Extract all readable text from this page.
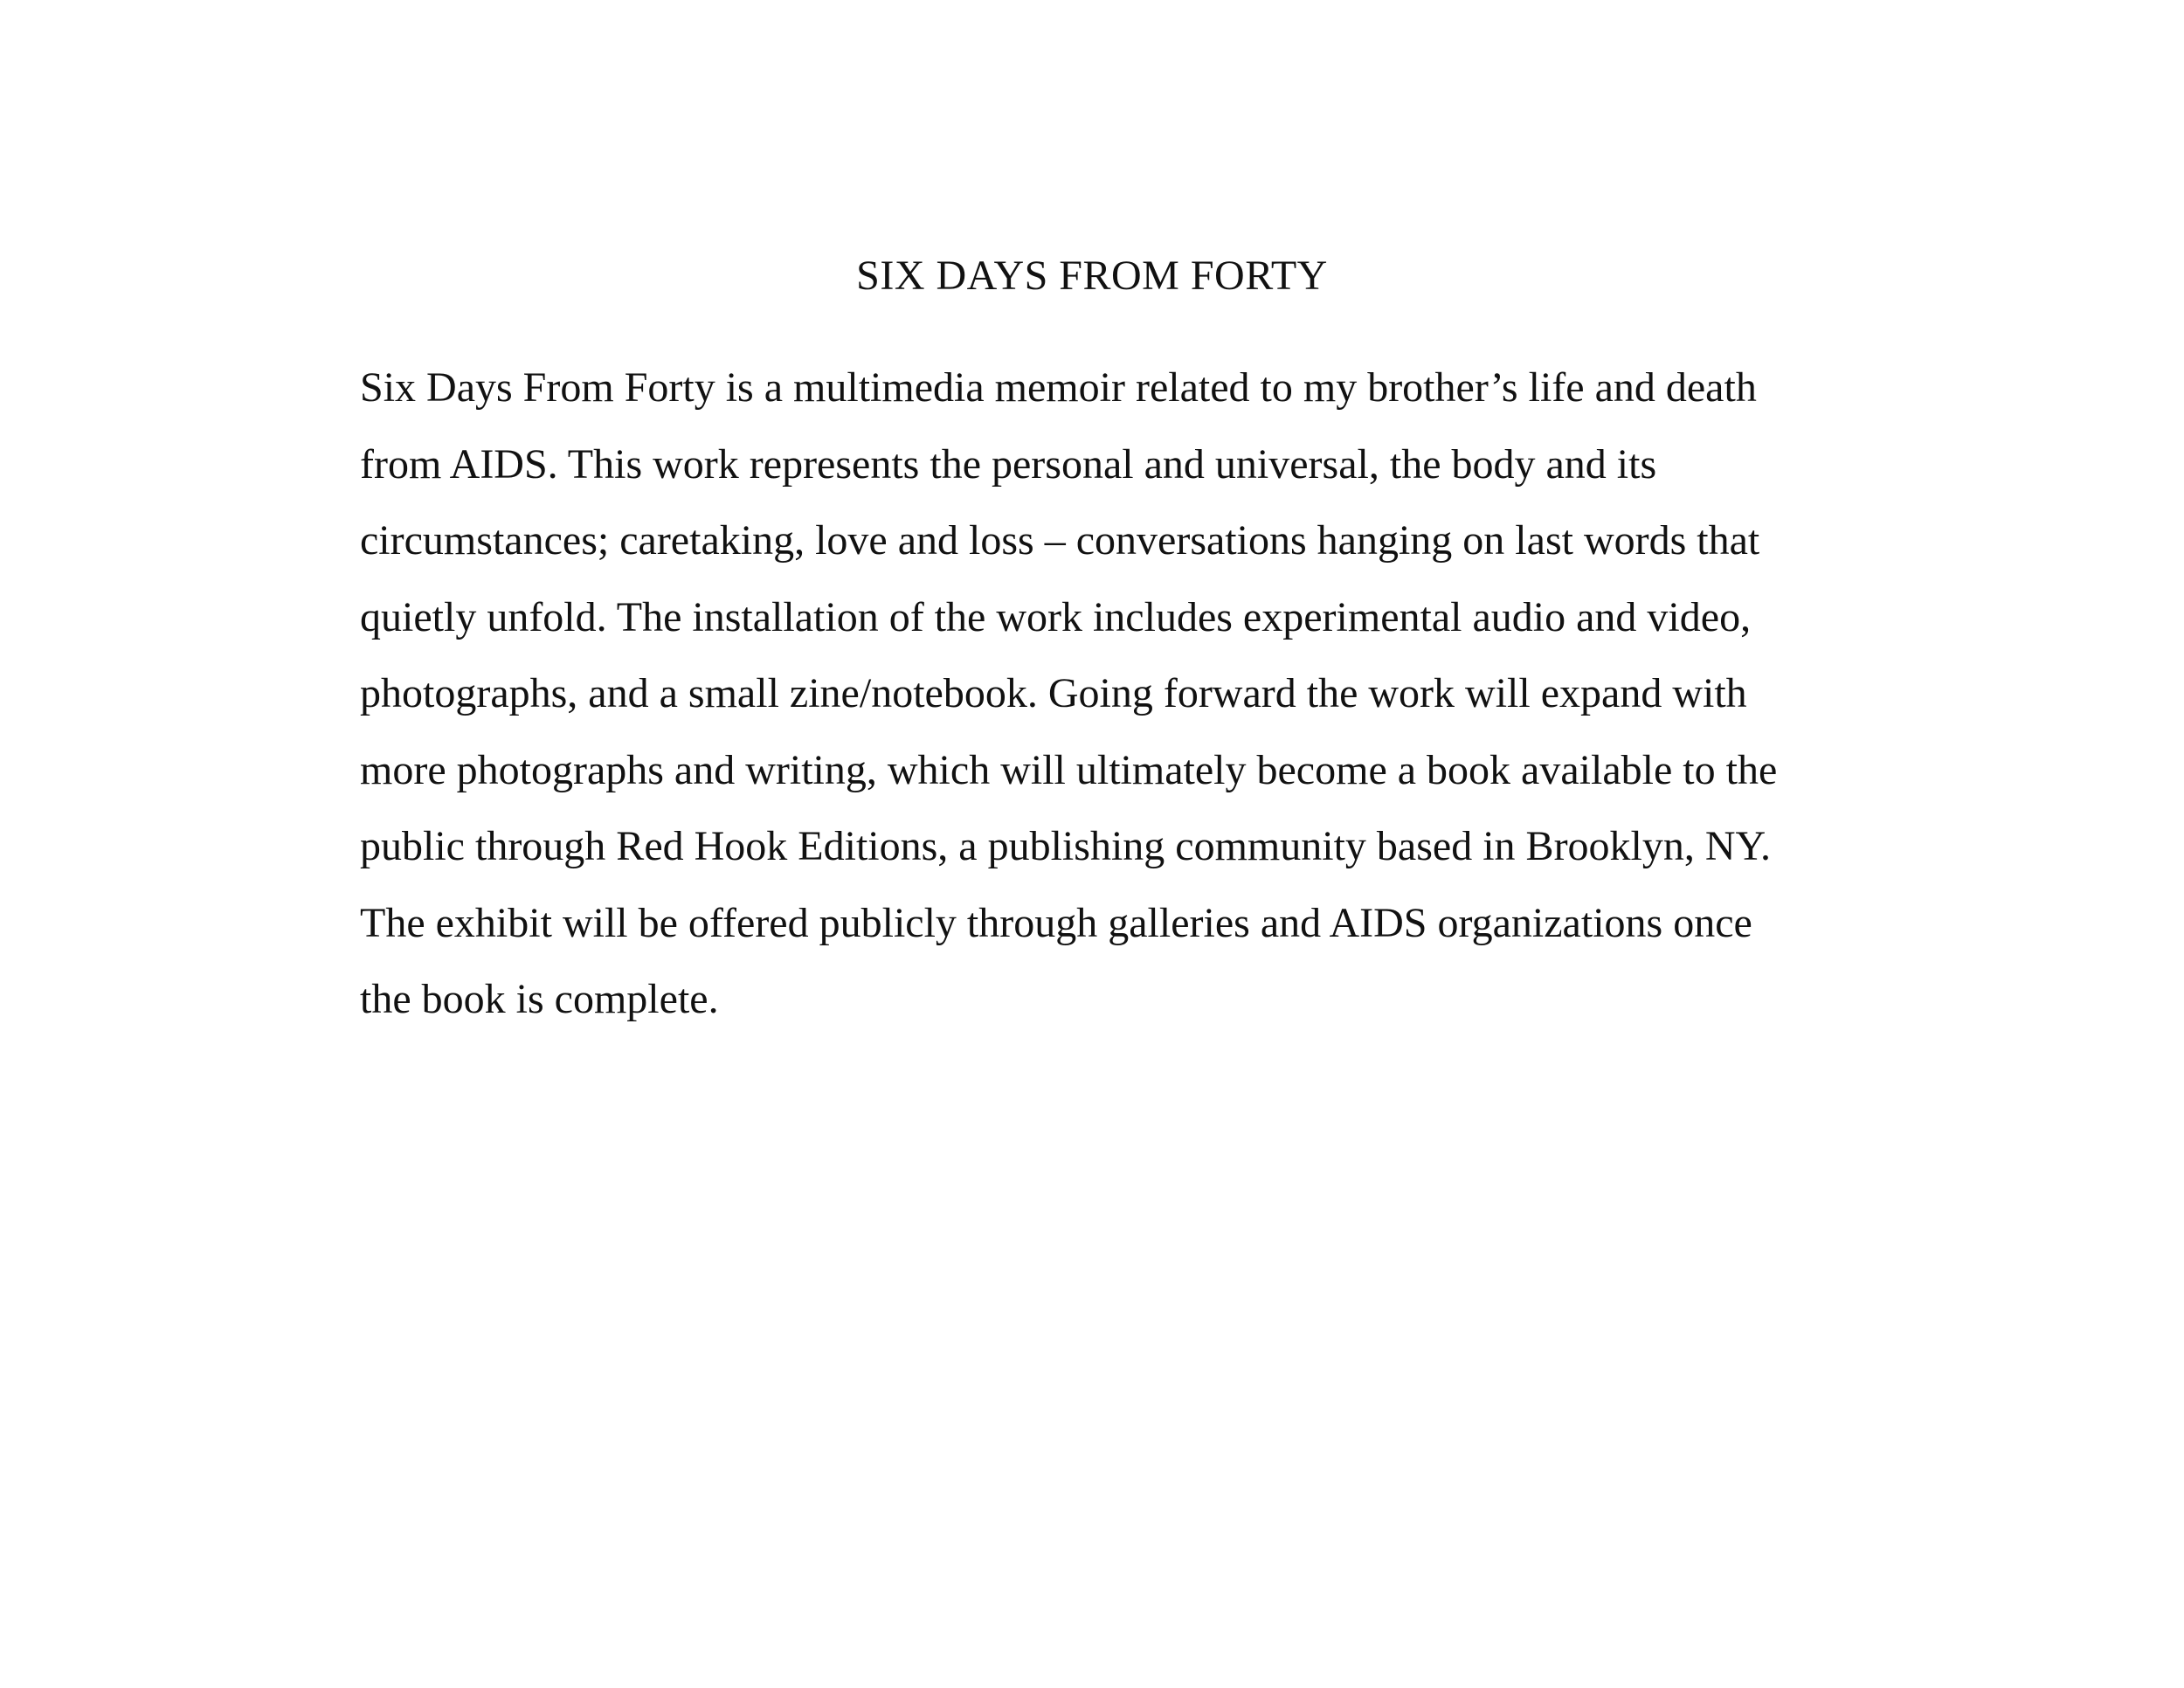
SIX DAYS FROM FORTY
Six Days From Forty is a multimedia memoir related to my brother’s life and death
from AIDS. This work represents the personal and universal, the body and its
circumstances; caretaking, love and loss – conversations hanging on last words that
quietly unfold. The installation of the work includes experimental audio and video,
photographs, and a small zine/notebook. Going forward the work will expand with
more photographs and writing, which will ultimately become a book available to the
public through Red Hook Editions, a publishing community based in Brooklyn, NY.
The exhibit will be offered publicly through galleries and AIDS organizations once
the book is complete.
